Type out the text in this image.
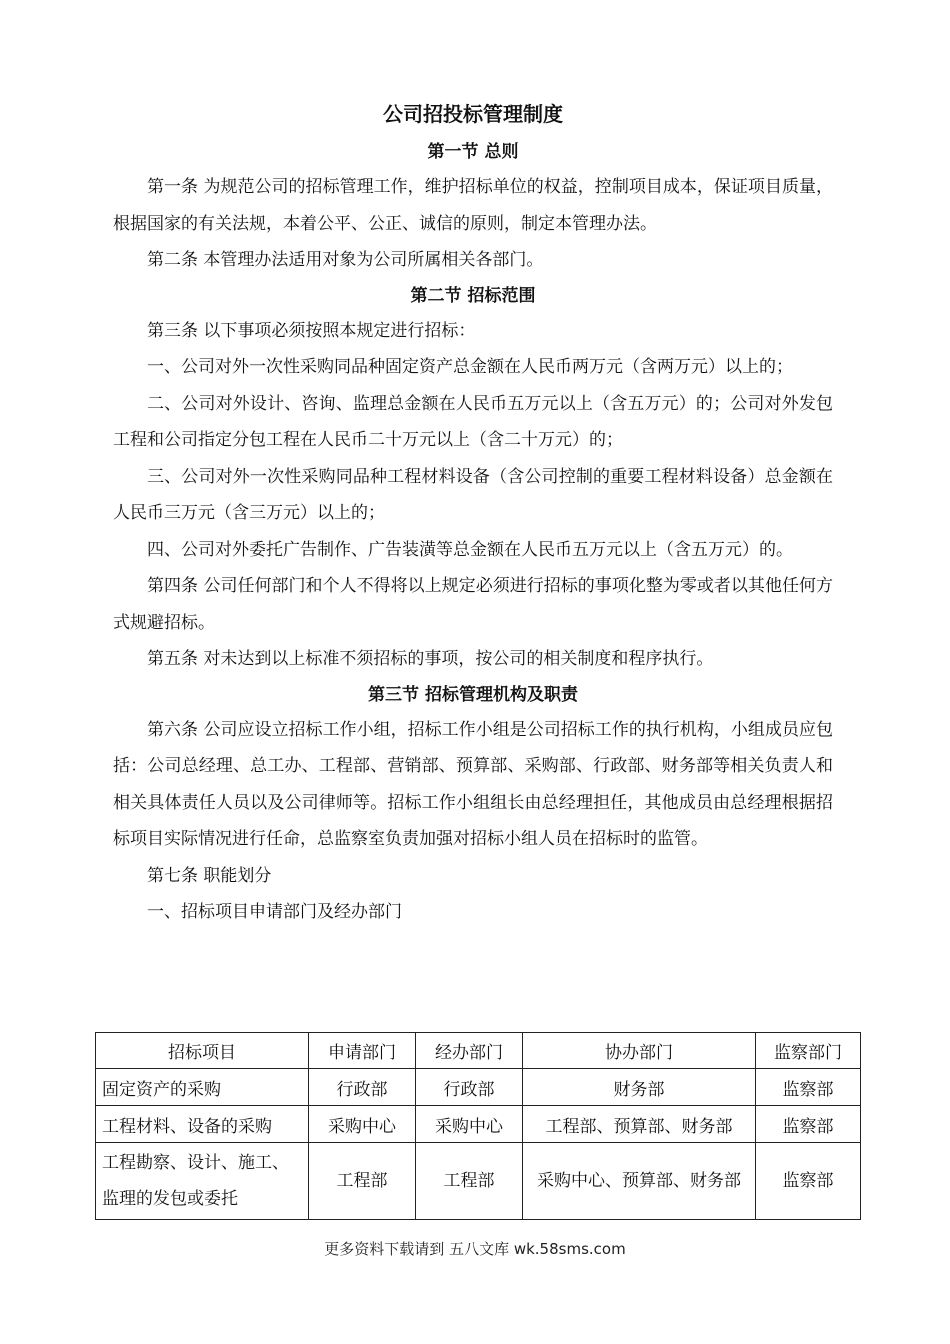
公司招投标管理制度
第一节 总则

第一条 为规范公司的招标管理工作，维护招标单位的权益，控制项目成本，保证项目质量，根据国家的有关法规，本着公平、公正、诚信的原则，制定本管理办法。

第二条 本管理办法适用对象为公司所属相关各部门。

第二节 招标范围

第三条 以下事项必须按照本规定进行招标：

一、公司对外一次性采购同品种固定资产总金额在人民币两万元（含两万元）以上的；

二、公司对外设计、咨询、监理总金额在人民币五万元以上（含五万元）的；公司对外发包工程和公司指定分包工程在人民币二十万元以上（含二十万元）的；

三、公司对外一次性采购同品种工程材料设备（含公司控制的重要工程材料设备）总金额在人民币三万元（含三万元）以上的；

四、公司对外委托广告制作、广告装潢等总金额在人民币五万元以上（含五万元）的。

第四条 公司任何部门和个人不得将以上规定必须进行招标的事项化整为零或者以其他任何方式规避招标。

第五条 对未达到以上标准不须招标的事项，按公司的相关制度和程序执行。

第三节 招标管理机构及职责

第六条 公司应设立招标工作小组，招标工作小组是公司招标工作的执行机构，小组成员应包括：公司总经理、总工办、工程部、营销部、预算部、采购部、行政部、财务部等相关负责人和相关具体责任人员以及公司律师等。招标工作小组组长由总经理担任，其他成员由总经理根据招标项目实际情况进行任命，总监察室负责加强对招标小组人员在招标时的监管。

第七条 职能划分

一、招标项目申请部门及经办部门

招标项目	申请部门	经办部门	协办部门	监察部门
固定资产的采购	行政部	行政部	财务部	监察部
工程材料、设备的采购	采购中心	采购中心	工程部、预算部、财务部	监察部
工程勘察、设计、施工、监理的发包或委托	工程部	工程部	采购中心、预算部、财务部	监察部
更多资料下载请到 五八文库 wk.58sms.com
